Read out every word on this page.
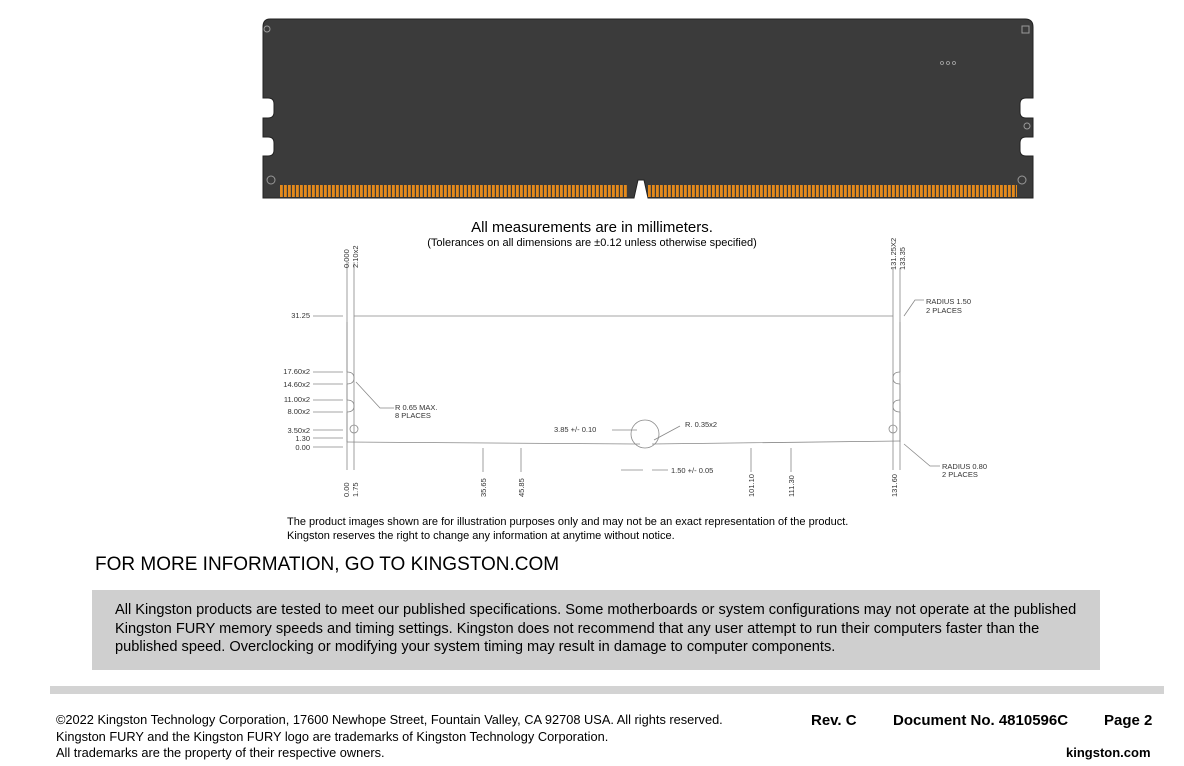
All measurements are in millimeters.
(Tolerances on all dimensions are ±0.12 unless otherwise specified)
0.000 2.10x2	131.25X2 133.35
31.25
17.60x2
14.60x2
11.00x2
8.00x2
3.50x2
1.30
0.00
0.00 1.75	35.65	45.85	101.10	111.30	131.60
3.85 +/- 0.10
R. 0.35x2
1.50 +/- 0.05
RADIUS 1.50
2 PLACES
R 0.65 MAX.
8 PLACES
RADIUS 0.80
2 PLACES
The product images shown are for illustration purposes only and may not be an exact representation of the product.
Kingston reserves the right to change any information at anytime without notice.
FOR MORE INFORMATION, GO TO KINGSTON.COM
All Kingston products are tested to meet our published specifications. Some motherboards or system configurations may not operate at the published Kingston FURY memory speeds and timing settings. Kingston does not recommend that any user attempt to run their computers faster than the published speed. Overclocking or modifying your system timing may result in damage to computer components.
©2022 Kingston Technology Corporation, 17600 Newhope Street, Fountain Valley, CA 92708 USA. All rights reserved.
Kingston FURY and the Kingston FURY logo are trademarks of Kingston Technology Corporation.
All trademarks are the property of their respective owners.
Rev. C Document No. 4810596C Page 2
kingston.com
